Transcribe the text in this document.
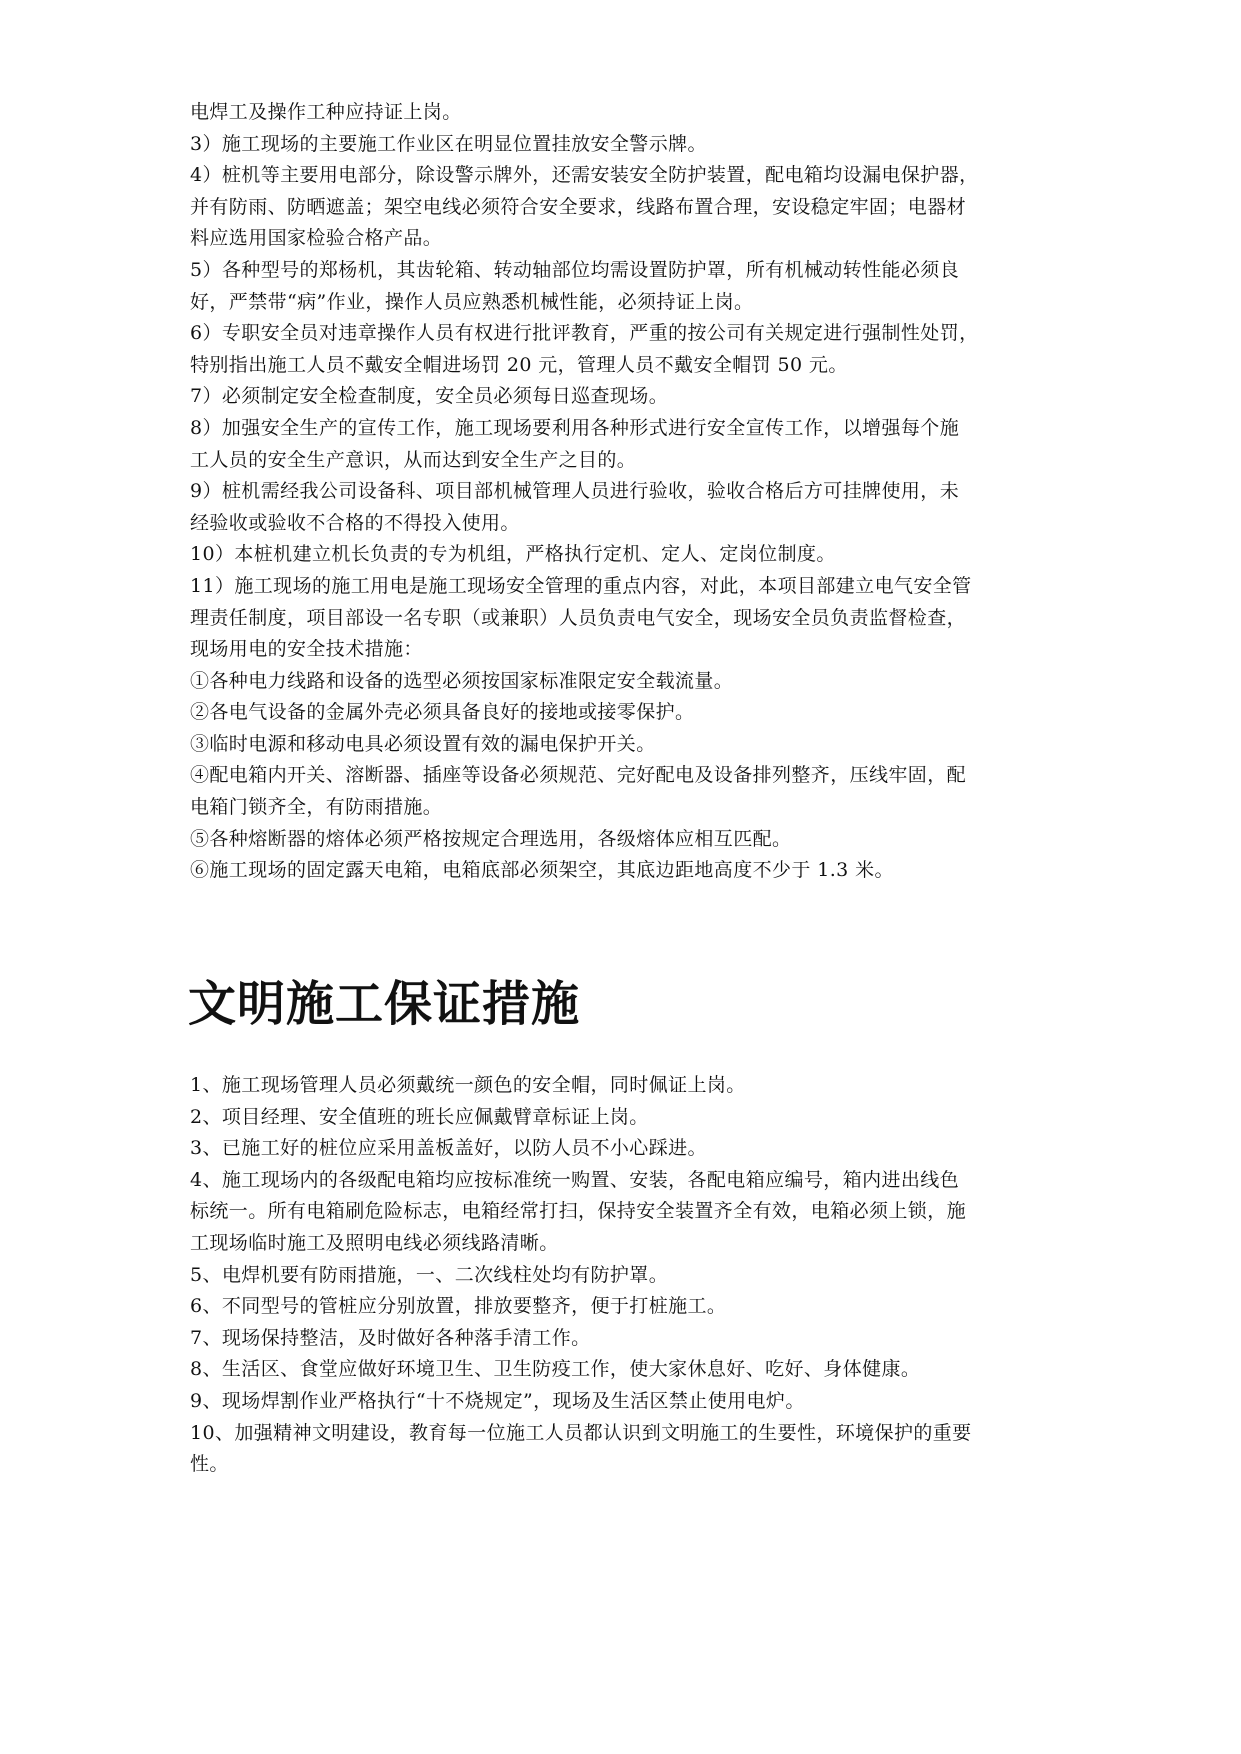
电焊工及操作工种应持证上岗。
3）施工现场的主要施工作业区在明显位置挂放安全警示牌。
4）桩机等主要用电部分，除设警示牌外，还需安装安全防护装置，配电箱均设漏电保护器，
并有防雨、防晒遮盖；架空电线必须符合安全要求，线路布置合理，安设稳定牢固；电器材
料应选用国家检验合格产品。
5）各种型号的郑杨机，其齿轮箱、转动轴部位均需设置防护罩，所有机械动转性能必须良
好，严禁带“病”作业，操作人员应熟悉机械性能，必须持证上岗。
6）专职安全员对违章操作人员有权进行批评教育，严重的按公司有关规定进行强制性处罚，
特别指出施工人员不戴安全帽进场罚 20 元，管理人员不戴安全帽罚 50 元。
7）必须制定安全检查制度，安全员必须每日巡查现场。
8）加强安全生产的宣传工作，施工现场要利用各种形式进行安全宣传工作，以增强每个施
工人员的安全生产意识，从而达到安全生产之目的。
9）桩机需经我公司设备科、项目部机械管理人员进行验收，验收合格后方可挂牌使用，未
经验收或验收不合格的不得投入使用。
10）本桩机建立机长负责的专为机组，严格执行定机、定人、定岗位制度。
11）施工现场的施工用电是施工现场安全管理的重点内容，对此，本项目部建立电气安全管
理责任制度，项目部设一名专职（或兼职）人员负责电气安全，现场安全员负责监督检查，
现场用电的安全技术措施：
①各种电力线路和设备的选型必须按国家标准限定安全载流量。
②各电气设备的金属外壳必须具备良好的接地或接零保护。
③临时电源和移动电具必须设置有效的漏电保护开关。
④配电箱内开关、溶断器、插座等设备必须规范、完好配电及设备排列整齐，压线牢固，配
电箱门锁齐全，有防雨措施。
⑤各种熔断器的熔体必须严格按规定合理选用，各级熔体应相互匹配。
⑥施工现场的固定露天电箱，电箱底部必须架空，其底边距地高度不少于 1.3 米。
文明施工保证措施
1、施工现场管理人员必须戴统一颜色的安全帽，同时佩证上岗。
2、项目经理、安全值班的班长应佩戴臂章标证上岗。
3、已施工好的桩位应采用盖板盖好，以防人员不小心踩进。
4、施工现场内的各级配电箱均应按标准统一购置、安装，各配电箱应编号，箱内进出线色
标统一。所有电箱刷危险标志，电箱经常打扫，保持安全装置齐全有效，电箱必须上锁，施
工现场临时施工及照明电线必须线路清晰。
5、电焊机要有防雨措施，一、二次线柱处均有防护罩。
6、不同型号的管桩应分别放置，排放要整齐，便于打桩施工。
7、现场保持整洁，及时做好各种落手清工作。
8、生活区、食堂应做好环境卫生、卫生防疫工作，使大家休息好、吃好、身体健康。
9、现场焊割作业严格执行“十不烧规定”，现场及生活区禁止使用电炉。
10、加强精神文明建设，教育每一位施工人员都认识到文明施工的生要性，环境保护的重要
性。
